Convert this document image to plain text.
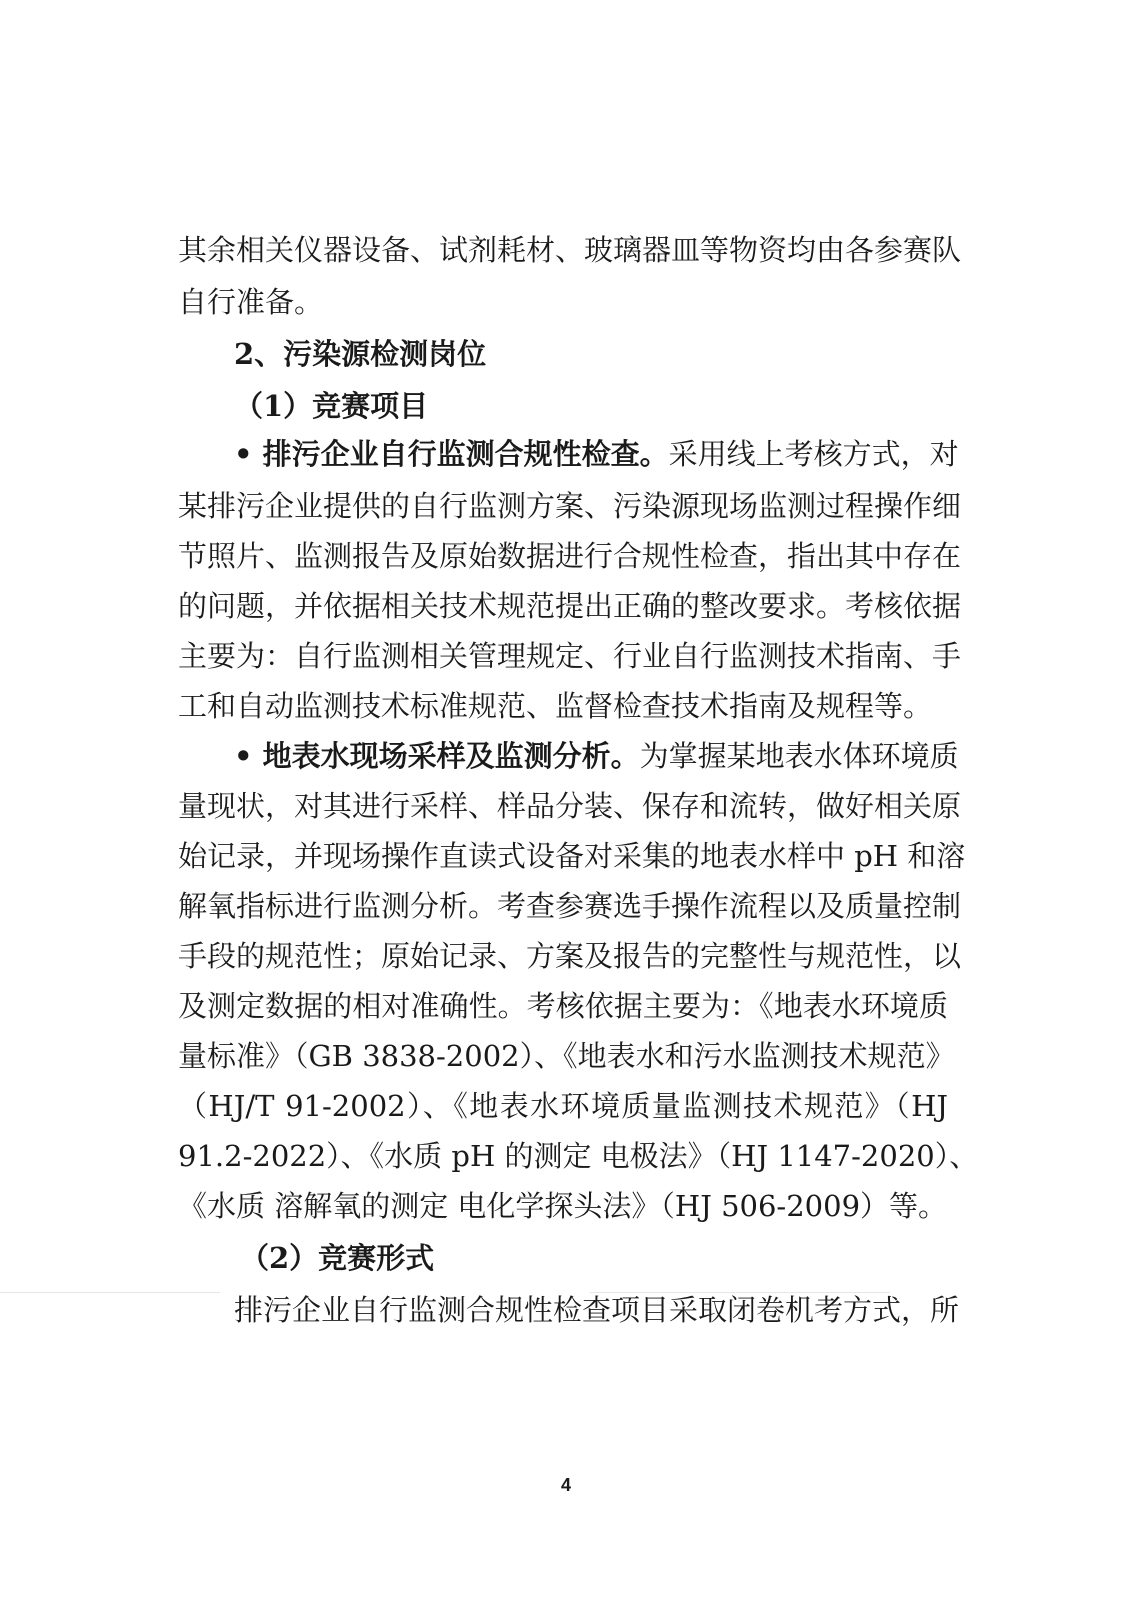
其余相关仪器设备、试剂耗材、玻璃器皿等物资均由各参赛队

自行准备。

2、污染源检测岗位

（1）竞赛项目

• 排污企业自行监测合规性检查。采用线上考核方式，对

某排污企业提供的自行监测方案、污染源现场监测过程操作细

节照片、监测报告及原始数据进行合规性检查，指出其中存在

的问题，并依据相关技术规范提出正确的整改要求。考核依据

主要为：自行监测相关管理规定、行业自行监测技术指南、手

工和自动监测技术标准规范、监督检查技术指南及规程等。

• 地表水现场采样及监测分析。为掌握某地表水体环境质

量现状，对其进行采样、样品分装、保存和流转，做好相关原

始记录，并现场操作直读式设备对采集的地表水样中 pH 和溶

解氧指标进行监测分析。考查参赛选手操作流程以及质量控制

手段的规范性；原始记录、方案及报告的完整性与规范性，以

及测定数据的相对准确性。考核依据主要为：《地表水环境质

量标准》（GB 3838-2002）、《地表水和污水监测技术规范》

（HJ/T 91-2002）、《地表水环境质量监测技术规范》（HJ

91.2-2022）、《水质 pH 的测定 电极法》（HJ 1147-2020）、

《水质 溶解氧的测定 电化学探头法》（HJ 506-2009）等。

（2）竞赛形式

排污企业自行监测合规性检查项目采取闭卷机考方式，所

4
